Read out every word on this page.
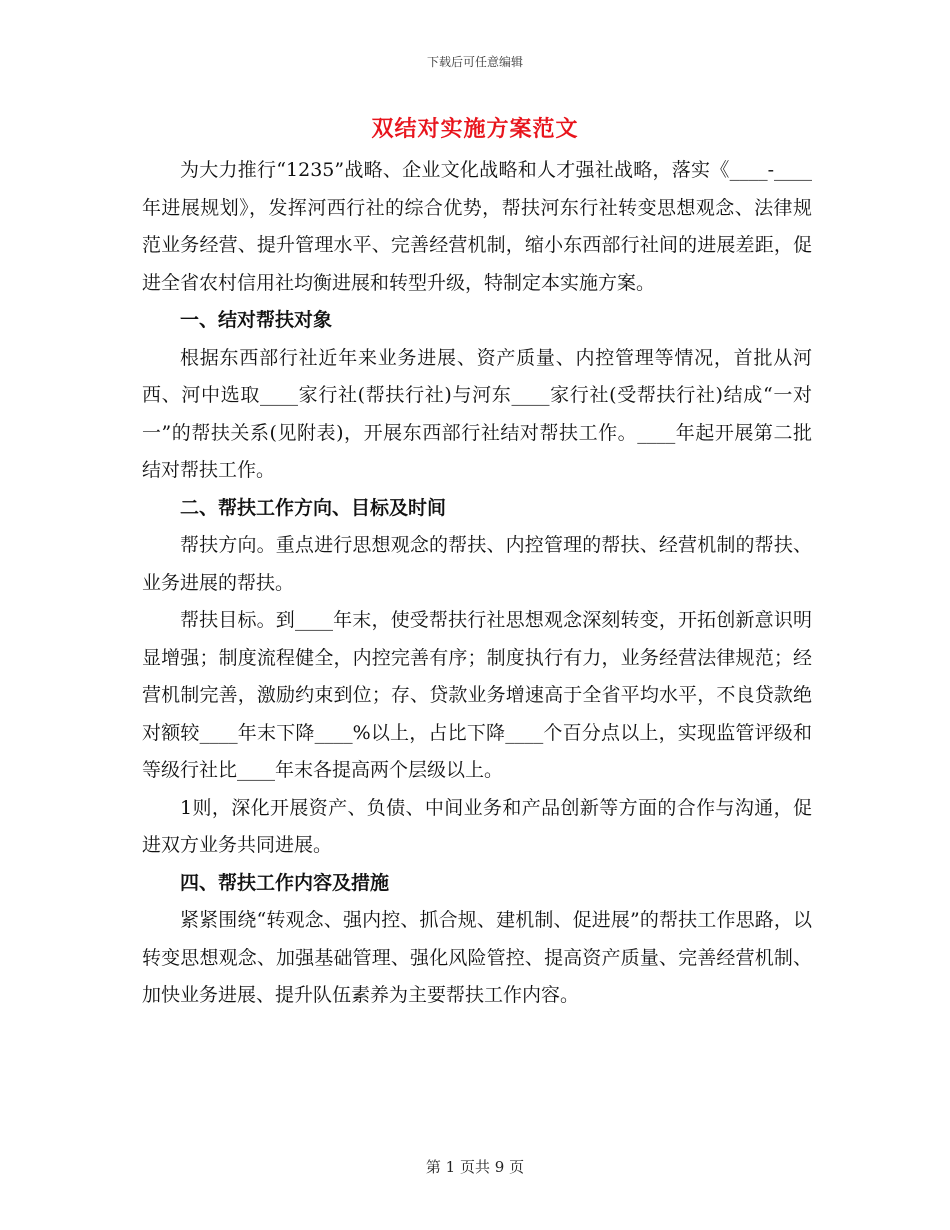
下载后可任意编辑
双结对实施方案范文

为大力推行“1235”战略、企业文化战略和人才强社战略，落实《____-____年进展规划》，发挥河西行社的综合优势，帮扶河东行社转变思想观念、法律规范业务经营、提升管理水平、完善经营机制，缩小东西部行社间的进展差距，促进全省农村信用社均衡进展和转型升级，特制定本实施方案。

一、结对帮扶对象

根据东西部行社近年来业务进展、资产质量、内控管理等情况，首批从河西、河中选取____家行社(帮扶行社)与河东____家行社(受帮扶行社)结成“一对一”的帮扶关系(见附表)，开展东西部行社结对帮扶工作。____年起开展第二批结对帮扶工作。

二、帮扶工作方向、目标及时间

帮扶方向。重点进行思想观念的帮扶、内控管理的帮扶、经营机制的帮扶、业务进展的帮扶。

帮扶目标。到____年末，使受帮扶行社思想观念深刻转变，开拓创新意识明显增强；制度流程健全，内控完善有序；制度执行有力，业务经营法律规范；经营机制完善，激励约束到位；存、贷款业务增速高于全省平均水平，不良贷款绝对额较____年末下降____%以上，占比下降____个百分点以上，实现监管评级和等级行社比____年末各提高两个层级以上。

1则，深化开展资产、负债、中间业务和产品创新等方面的合作与沟通，促进双方业务共同进展。

四、帮扶工作内容及措施

紧紧围绕“转观念、强内控、抓合规、建机制、促进展”的帮扶工作思路，以转变思想观念、加强基础管理、强化风险管控、提高资产质量、完善经营机制、加快业务进展、提升队伍素养为主要帮扶工作内容。

第 1 页共 9 页
